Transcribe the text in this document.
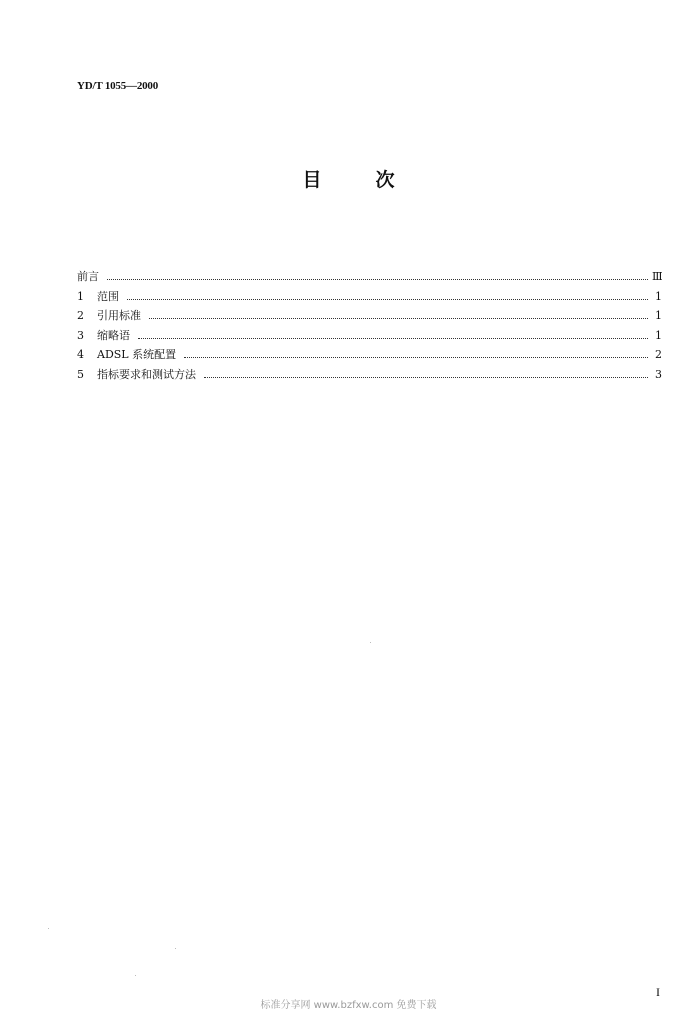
YD/T 1055—2000
目	次
前言	Ⅲ
1	范围	1
2	引用标准	1
3	缩略语	1
4	ADSL 系统配置	2
5	指标要求和测试方法	3
I
标准分享网 www.bzfxw.com 免费下载
